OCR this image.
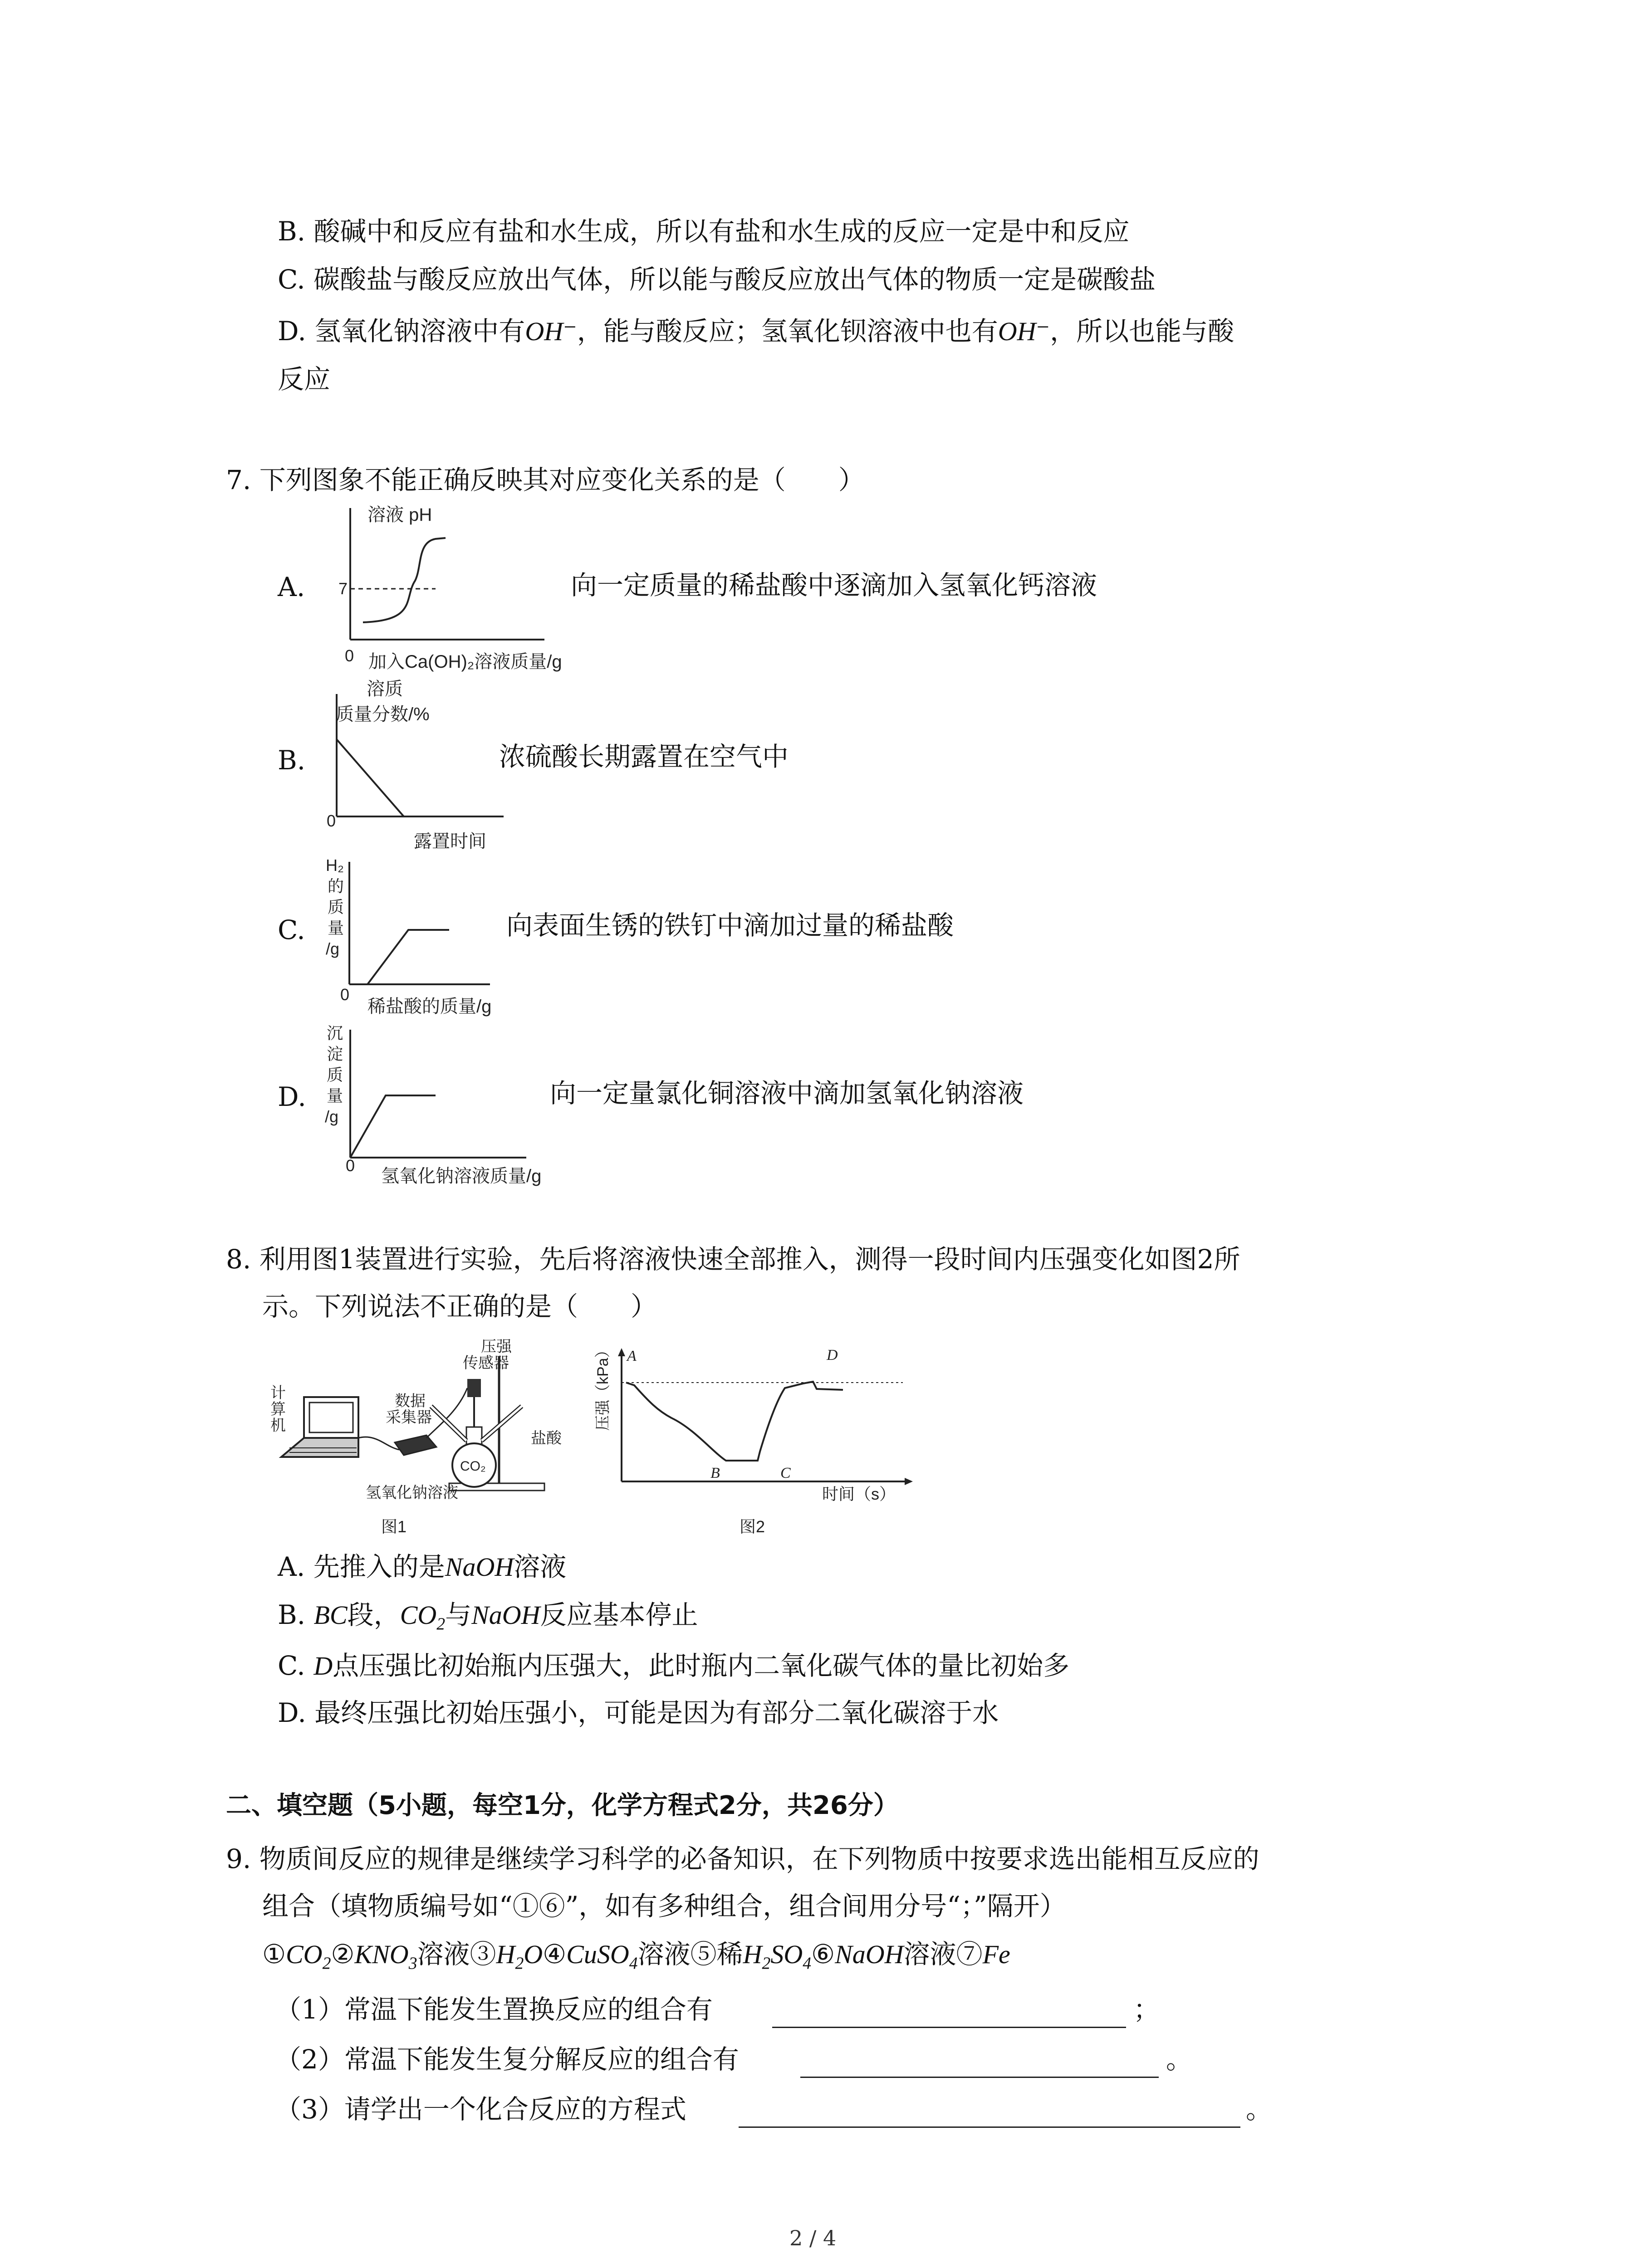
B. 酸碱中和反应有盐和水生成，所以有盐和水生成的反应一定是中和反应
C. 碳酸盐与酸反应放出气体，所以能与酸反应放出气体的物质一定是碳酸盐
D. 氢氧化钠溶液中有OH⁻，能与酸反应；氢氧化钡溶液中也有OH⁻，所以也能与酸
反应
7. 下列图象不能正确反映其对应变化关系的是（　　）
A.
溶液 pH
7
0 加入Ca(OH)₂溶液质量/g
向一定质量的稀盐酸中逐滴加入氢氧化钙溶液
B.
溶质
质量分数/%
0
露置时间
浓硫酸长期露置在空气中
C.
H₂
的
质
量
/g
0
稀盐酸的质量/g
向表面生锈的铁钉中滴加过量的稀盐酸
D.
沉
淀
质
量
/g
0
氢氧化钠溶液质量/g
向一定量氯化铜溶液中滴加氢氧化钠溶液
8. 利用图1装置进行实验，先后将溶液快速全部推入，测得一段时间内压强变化如图2所
示。下列说法不正确的是（　　）
计
算
机
数据
采集器
压强
传感器
CO₂
盐酸
氢氧化钠溶液
图1
压强（kPa） A
B	C
D
时间（s）
图2
A. 先推入的是NaOH溶液
B. BC段，$CO_2$与NaOH反应基本停止
C. D点压强比初始瓶内压强大，此时瓶内二氧化碳气体的量比初始多
D. 最终压强比初始压强小，可能是因为有部分二氧化碳溶于水
二、填空题（5小题，每空1分，化学方程式2分，共26分）
9. 物质间反应的规律是继续学习科学的必备知识，在下列物质中按要求选出能相互反应的
组合（填物质编号如“①⑥”，如有多种组合，组合间用分号“；”隔开）
$①CO_2②KNO_3$溶液$③H_2O④CuSO_4$溶液⑤稀$H_2SO_4⑥NaOH$溶液⑦Fe
（1）常温下能发生置换反应的组合有	；
（2）常温下能发生复分解反应的组合有	。
（3）请学出一个化合反应的方程式	。
2 / 4
